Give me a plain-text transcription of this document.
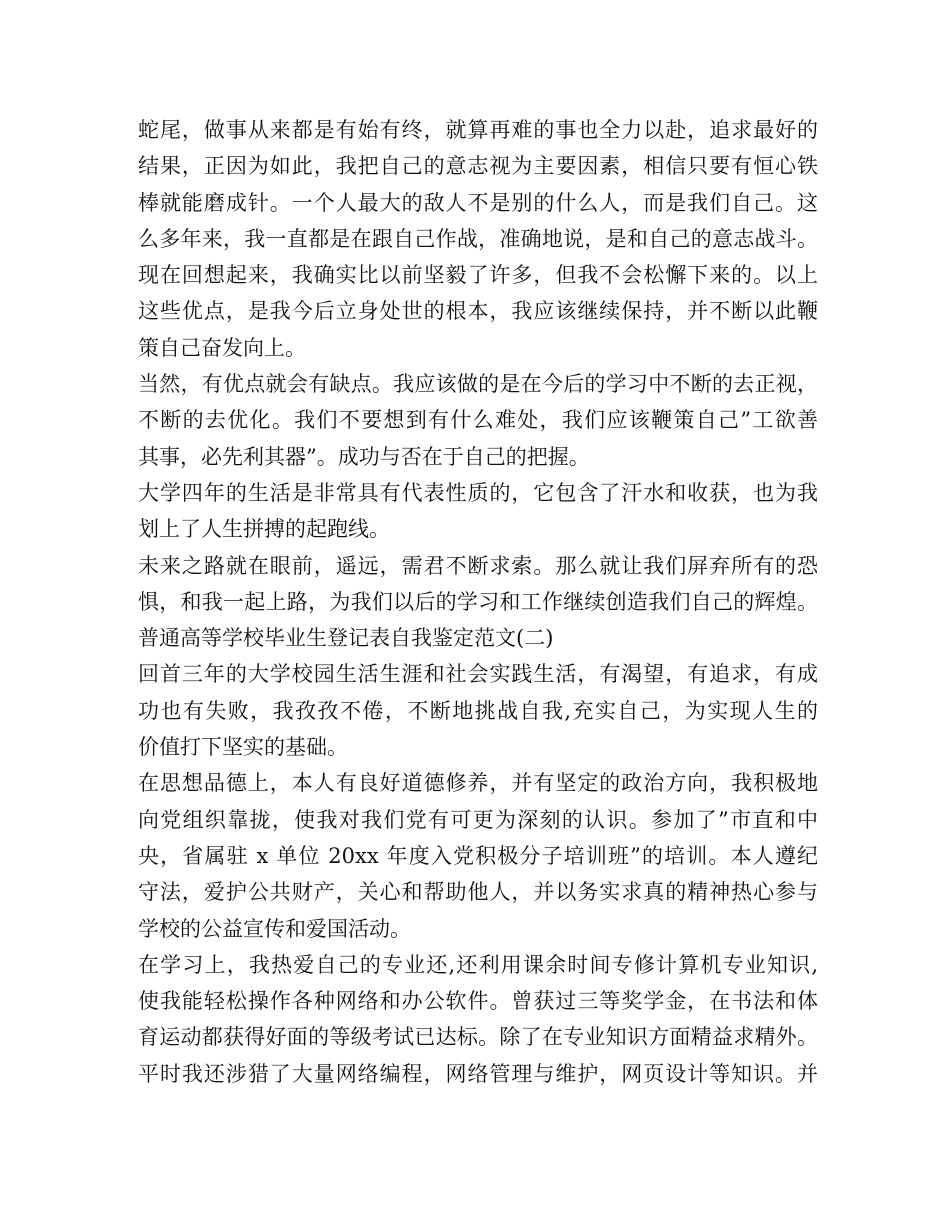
蛇尾，做事从来都是有始有终，就算再难的事也全力以赴，追求最好的
结果，正因为如此，我把自己的意志视为主要因素，相信只要有恒心铁
棒就能磨成针。一个人最大的敌人不是别的什么人，而是我们自己。这
么多年来，我一直都是在跟自己作战，准确地说，是和自己的意志战斗。
现在回想起来，我确实比以前坚毅了许多，但我不会松懈下来的。以上
这些优点，是我今后立身处世的根本，我应该继续保持，并不断以此鞭
策自己奋发向上。
当然，有优点就会有缺点。我应该做的是在今后的学习中不断的去正视，
不断的去优化。我们不要想到有什么难处，我们应该鞭策自己”工欲善
其事，必先利其器”。成功与否在于自己的把握。
大学四年的生活是非常具有代表性质的，它包含了汗水和收获，也为我
划上了人生拼搏的起跑线。
未来之路就在眼前，遥远，需君不断求索。那么就让我们屏弃所有的恐
惧，和我一起上路，为我们以后的学习和工作继续创造我们自己的辉煌。
普通高等学校毕业生登记表自我鉴定范文(二)
回首三年的大学校园生活生涯和社会实践生活，有渴望，有追求，有成
功也有失败，我孜孜不倦，不断地挑战自我,充实自己，为实现人生的
价值打下坚实的基础。
在思想品德上，本人有良好道德修养，并有坚定的政治方向，我积极地
向党组织靠拢，使我对我们党有可更为深刻的认识。参加了”市直和中
央，省属驻 x 单位 20xx 年度入党积极分子培训班”的培训。本人遵纪
守法，爱护公共财产，关心和帮助他人，并以务实求真的精神热心参与
学校的公益宣传和爱国活动。
在学习上，我热爱自己的专业还,还利用课余时间专修计算机专业知识,
使我能轻松操作各种网络和办公软件。曾获过三等奖学金，在书法和体
育运动都获得好面的等级考试已达标。除了在专业知识方面精益求精外。
平时我还涉猎了大量网络编程，网络管理与维护，网页设计等知识。并
